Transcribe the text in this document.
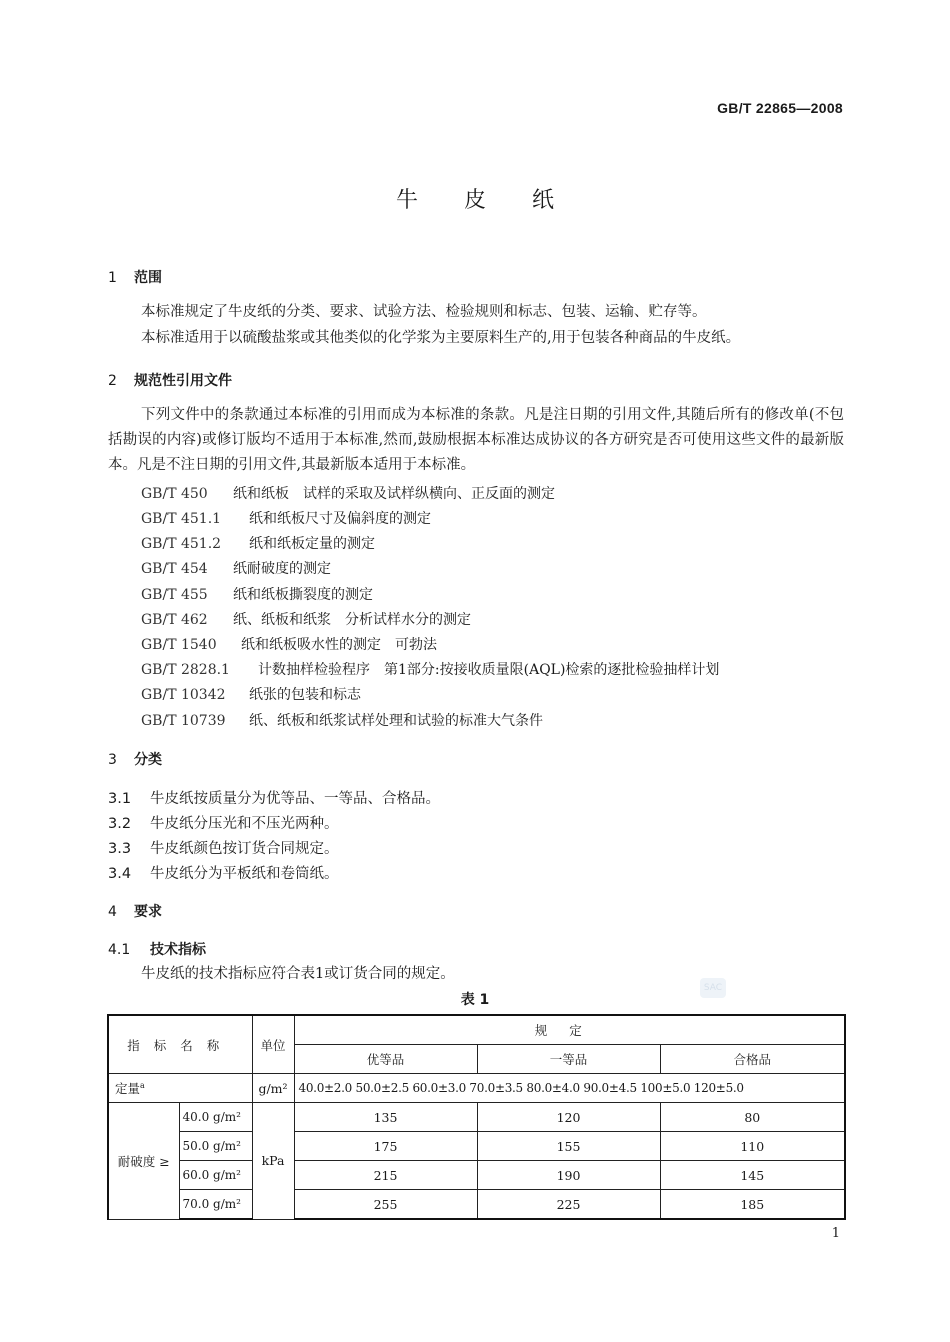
GB/T 22865—2008
牛皮纸
1 范围
本标准规定了牛皮纸的分类、要求、试验方法、检验规则和标志、包装、运输、贮存等。
本标准适用于以硫酸盐浆或其他类似的化学浆为主要原料生产的,用于包装各种商品的牛皮纸。
2 规范性引用文件
下列文件中的条款通过本标准的引用而成为本标准的条款。凡是注日期的引用文件,其随后所有的修改单(不包括勘误的内容)或修订版均不适用于本标准,然而,鼓励根据本标准达成协议的各方研究是否可使用这些文件的最新版本。凡是不注日期的引用文件,其最新版本适用于本标准。
GB/T 450 纸和纸板　试样的采取及试样纵横向、正反面的测定
GB/T 451.1 纸和纸板尺寸及偏斜度的测定
GB/T 451.2 纸和纸板定量的测定
GB/T 454 纸耐破度的测定
GB/T 455 纸和纸板撕裂度的测定
GB/T 462 纸、纸板和纸浆　分析试样水分的测定
GB/T 1540 纸和纸板吸水性的测定　可勃法
GB/T 2828.1 计数抽样检验程序　第1部分:按接收质量限(AQL)检索的逐批检验抽样计划
GB/T 10342 纸张的包装和标志
GB/T 10739 纸、纸板和纸浆试样处理和试验的标准大气条件
3 分类
3.1 牛皮纸按质量分为优等品、一等品、合格品。
3.2 牛皮纸分压光和不压光两种。
3.3 牛皮纸颜色按订货合同规定。
3.4 牛皮纸分为平板纸和卷筒纸。
4 要求
4.1 技术指标
牛皮纸的技术指标应符合表1或订货合同的规定。
表 1
SAC
指标名称		单位	规定		
			优等品	一等品	合格品
定量$^a$		g/m²	40.0±2.0 50.0±2.5 60.0±3.0 70.0±3.5 80.0±4.0 90.0±4.5 100±5.0 120±5.0		
耐破度 ≥	40.0 g/m²	kPa	135	120	80
	50.0 g/m²		175	155	110
	60.0 g/m²		215	190	145
	70.0 g/m²		255	225	185
1
